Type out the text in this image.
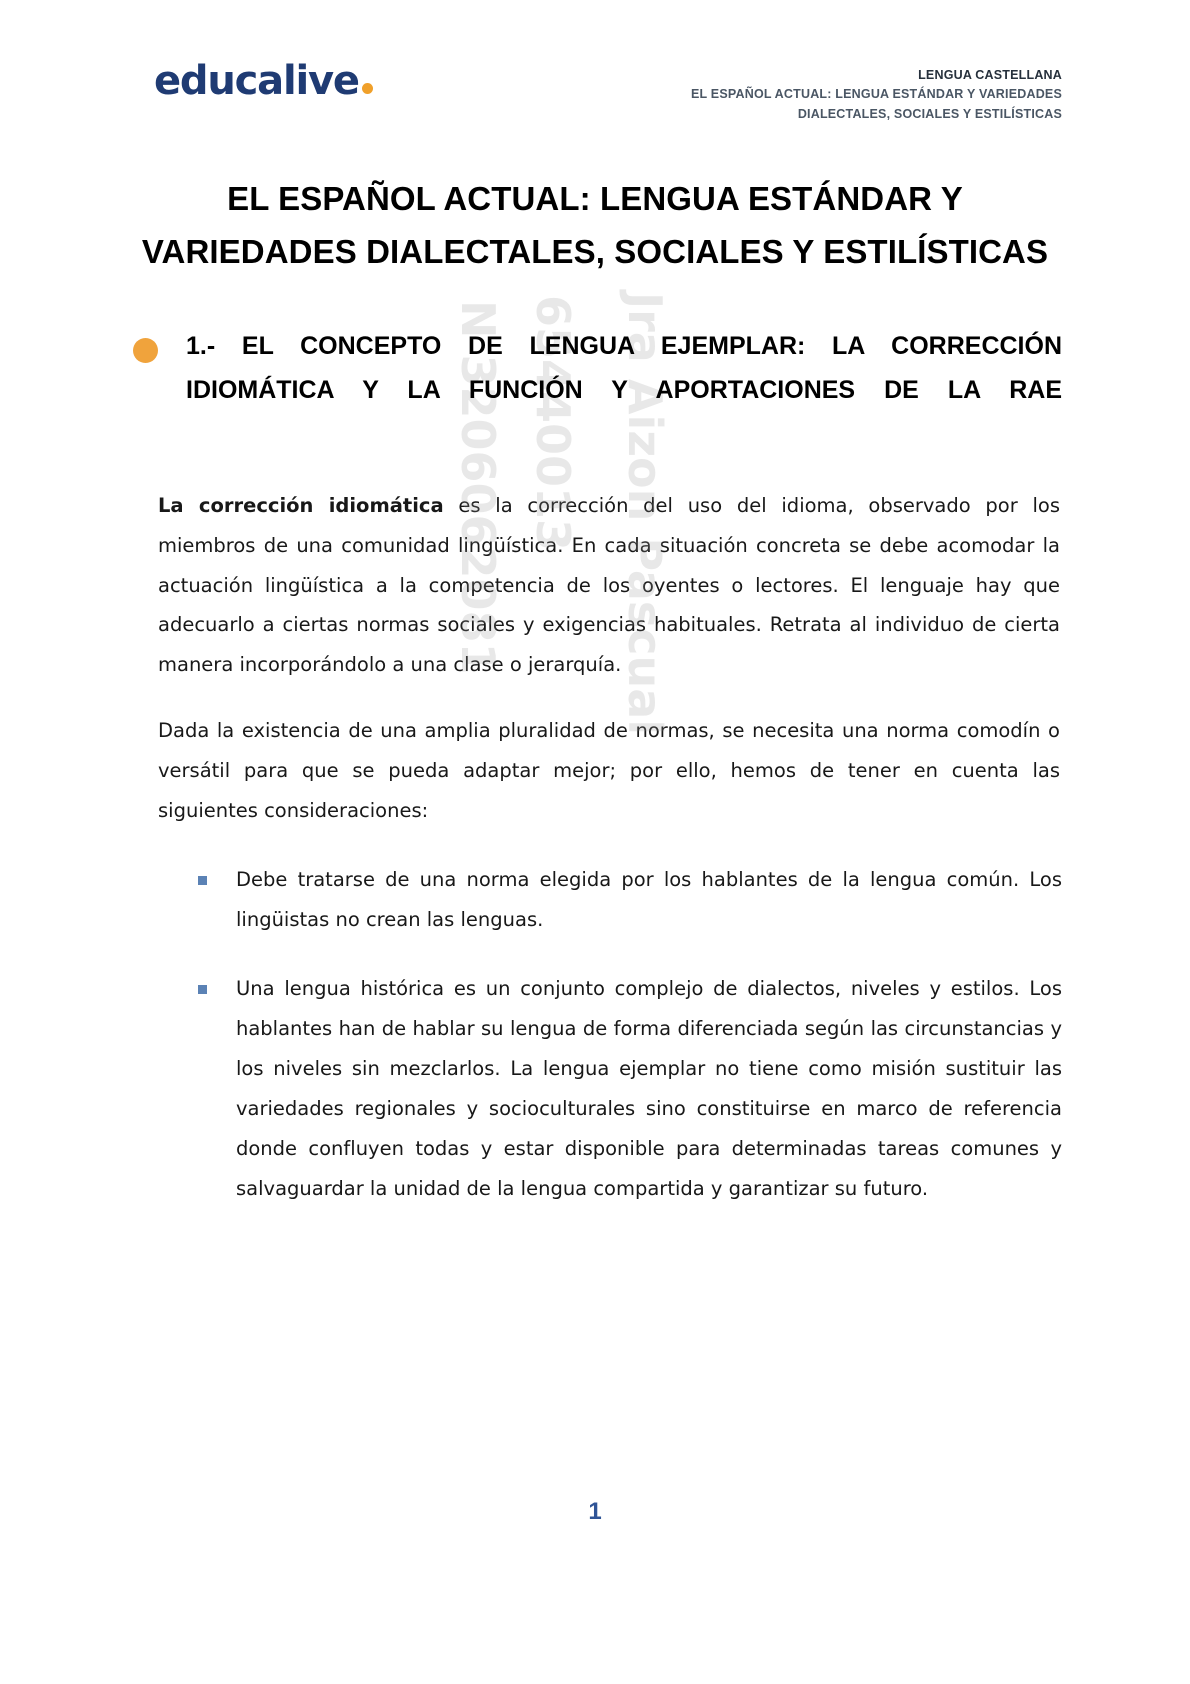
N 3206062081 65440013 Jra Aizon Pascual
educalive	LENGUA CASTELLANA
EL ESPAÑOL ACTUAL: LENGUA ESTÁNDAR Y VARIEDADES
DIALECTALES, SOCIALES Y ESTILÍSTICAS
EL ESPAÑOL ACTUAL: LENGUA ESTÁNDAR Y VARIEDADES DIALECTALES, SOCIALES Y ESTILÍSTICAS
1.- EL CONCEPTO DE LENGUA EJEMPLAR: LA CORRECCIÓN IDIOMÁTICA Y LA FUNCIÓN Y APORTACIONES DE LA RAE

La corrección idiomática es la corrección del uso del idioma, observado por los miembros de una comunidad lingüística. En cada situación concreta se debe acomodar la actuación lingüística a la competencia de los oyentes o lectores. El lenguaje hay que adecuarlo a ciertas normas sociales y exigencias habituales. Retrata al individuo de cierta manera incorporándolo a una clase o jerarquía.

Dada la existencia de una amplia pluralidad de normas, se necesita una norma comodín o versátil para que se pueda adaptar mejor; por ello, hemos de tener en cuenta las siguientes consideraciones:

Debe tratarse de una norma elegida por los hablantes de la lengua común. Los lingüistas no crean las lenguas.
Una lengua histórica es un conjunto complejo de dialectos, niveles y estilos. Los hablantes han de hablar su lengua de forma diferenciada según las circunstancias y los niveles sin mezclarlos. La lengua ejemplar no tiene como misión sustituir las variedades regionales y socioculturales sino constituirse en marco de referencia donde confluyen todas y estar disponible para determinadas tareas comunes y salvaguardar la unidad de la lengua compartida y garantizar su futuro.
1
